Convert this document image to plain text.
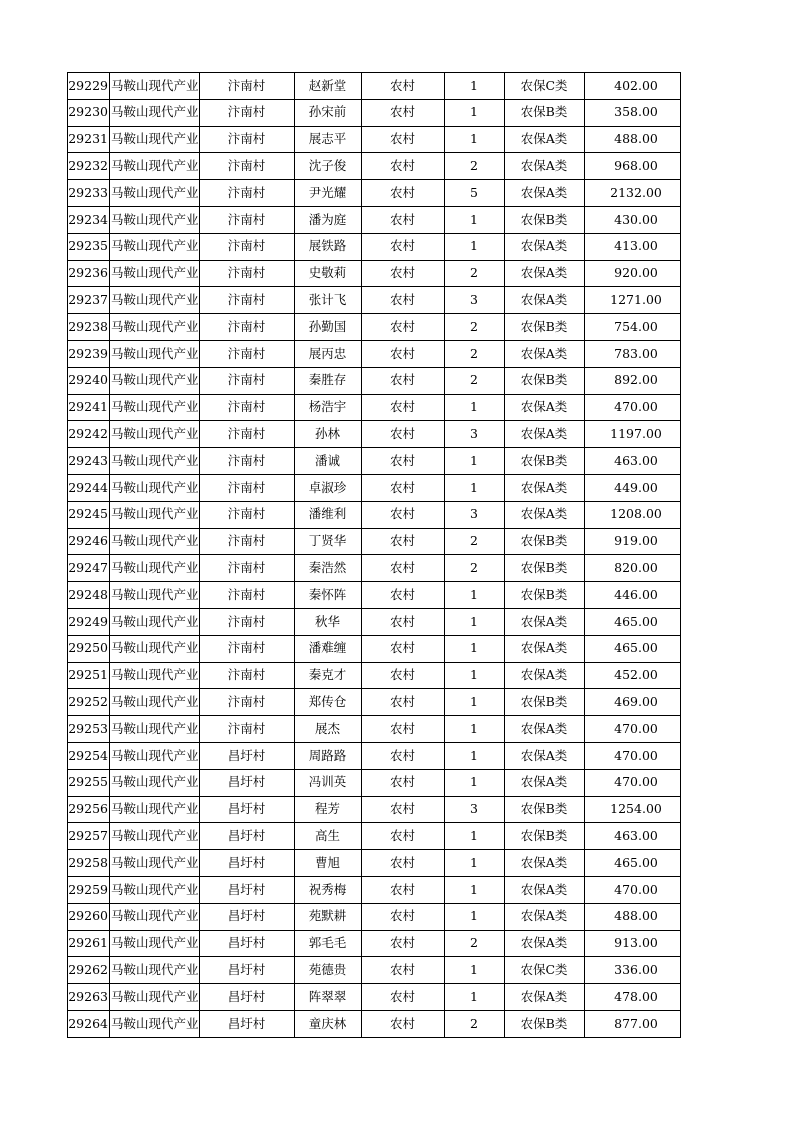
29229	马鞍山现代产业	汴南村	赵新堂	农村	1	农保C类	402.00
29230	马鞍山现代产业	汴南村	孙宋前	农村	1	农保B类	358.00
29231	马鞍山现代产业	汴南村	展志平	农村	1	农保A类	488.00
29232	马鞍山现代产业	汴南村	沈子俊	农村	2	农保A类	968.00
29233	马鞍山现代产业	汴南村	尹光耀	农村	5	农保A类	2132.00
29234	马鞍山现代产业	汴南村	潘为庭	农村	1	农保B类	430.00
29235	马鞍山现代产业	汴南村	展铁路	农村	1	农保A类	413.00
29236	马鞍山现代产业	汴南村	史敬莉	农村	2	农保A类	920.00
29237	马鞍山现代产业	汴南村	张计飞	农村	3	农保A类	1271.00
29238	马鞍山现代产业	汴南村	孙勤国	农村	2	农保B类	754.00
29239	马鞍山现代产业	汴南村	展丙忠	农村	2	农保A类	783.00
29240	马鞍山现代产业	汴南村	秦胜存	农村	2	农保B类	892.00
29241	马鞍山现代产业	汴南村	杨浩宇	农村	1	农保A类	470.00
29242	马鞍山现代产业	汴南村	孙林	农村	3	农保A类	1197.00
29243	马鞍山现代产业	汴南村	潘诚	农村	1	农保B类	463.00
29244	马鞍山现代产业	汴南村	卓淑珍	农村	1	农保A类	449.00
29245	马鞍山现代产业	汴南村	潘维利	农村	3	农保A类	1208.00
29246	马鞍山现代产业	汴南村	丁贤华	农村	2	农保B类	919.00
29247	马鞍山现代产业	汴南村	秦浩然	农村	2	农保B类	820.00
29248	马鞍山现代产业	汴南村	秦怀阵	农村	1	农保B类	446.00
29249	马鞍山现代产业	汴南村	秋华	农村	1	农保A类	465.00
29250	马鞍山现代产业	汴南村	潘难缠	农村	1	农保A类	465.00
29251	马鞍山现代产业	汴南村	秦克才	农村	1	农保A类	452.00
29252	马鞍山现代产业	汴南村	郑传仓	农村	1	农保B类	469.00
29253	马鞍山现代产业	汴南村	展杰	农村	1	农保A类	470.00
29254	马鞍山现代产业	昌圩村	周路路	农村	1	农保A类	470.00
29255	马鞍山现代产业	昌圩村	冯训英	农村	1	农保A类	470.00
29256	马鞍山现代产业	昌圩村	程芳	农村	3	农保B类	1254.00
29257	马鞍山现代产业	昌圩村	高生	农村	1	农保B类	463.00
29258	马鞍山现代产业	昌圩村	曹旭	农村	1	农保A类	465.00
29259	马鞍山现代产业	昌圩村	祝秀梅	农村	1	农保A类	470.00
29260	马鞍山现代产业	昌圩村	苑默耕	农村	1	农保A类	488.00
29261	马鞍山现代产业	昌圩村	郭毛毛	农村	2	农保A类	913.00
29262	马鞍山现代产业	昌圩村	苑德贵	农村	1	农保C类	336.00
29263	马鞍山现代产业	昌圩村	阵翠翠	农村	1	农保A类	478.00
29264	马鞍山现代产业	昌圩村	童庆林	农村	2	农保B类	877.00
